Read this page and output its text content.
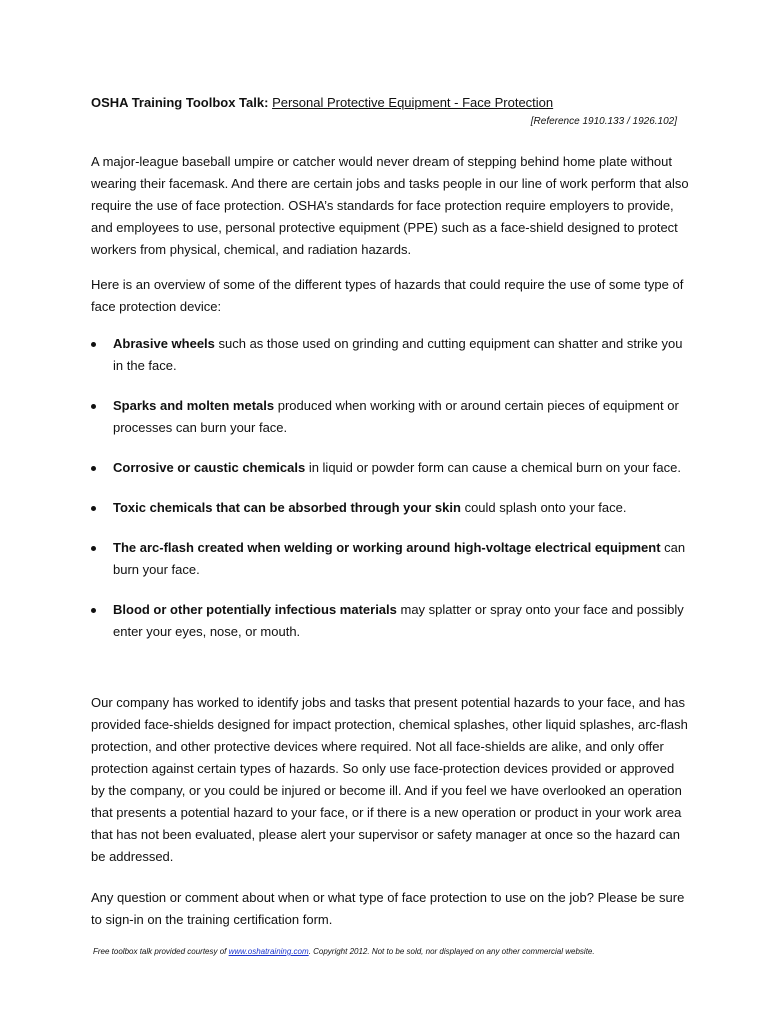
OSHA Training Toolbox Talk: Personal Protective Equipment - Face Protection
[Reference 1910.133 / 1926.102]

A major-league baseball umpire or catcher would never dream of stepping behind home plate without wearing their facemask. And there are certain jobs and tasks people in our line of work perform that also require the use of face protection. OSHA’s standards for face protection require employers to provide, and employees to use, personal protective equipment (PPE) such as a face-shield designed to protect workers from physical, chemical, and radiation hazards.

Here is an overview of some of the different types of hazards that could require the use of some type of face protection device:

Abrasive wheels such as those used on grinding and cutting equipment can shatter and strike you in the face.
Sparks and molten metals produced when working with or around certain pieces of equipment or processes can burn your face.
Corrosive or caustic chemicals in liquid or powder form can cause a chemical burn on your face.
Toxic chemicals that can be absorbed through your skin could splash onto your face.
The arc-flash created when welding or working around high-voltage electrical equipment can burn your face.
Blood or other potentially infectious materials may splatter or spray onto your face and possibly enter your eyes, nose, or mouth.

Our company has worked to identify jobs and tasks that present potential hazards to your face, and has provided face-shields designed for impact protection, chemical splashes, other liquid splashes, arc-flash protection, and other protective devices where required. Not all face-shields are alike, and only offer protection against certain types of hazards. So only use face-protection devices provided or approved by the company, or you could be injured or become ill. And if you feel we have overlooked an operation that presents a potential hazard to your face, or if there is a new operation or product in your work area that has not been evaluated, please alert your supervisor or safety manager at once so the hazard can be addressed.

Any question or comment about when or what type of face protection to use on the job? Please be sure to sign-in on the training certification form.

Free toolbox talk provided courtesy of www.oshatraining.com. Copyright 2012. Not to be sold, nor displayed on any other commercial website.
